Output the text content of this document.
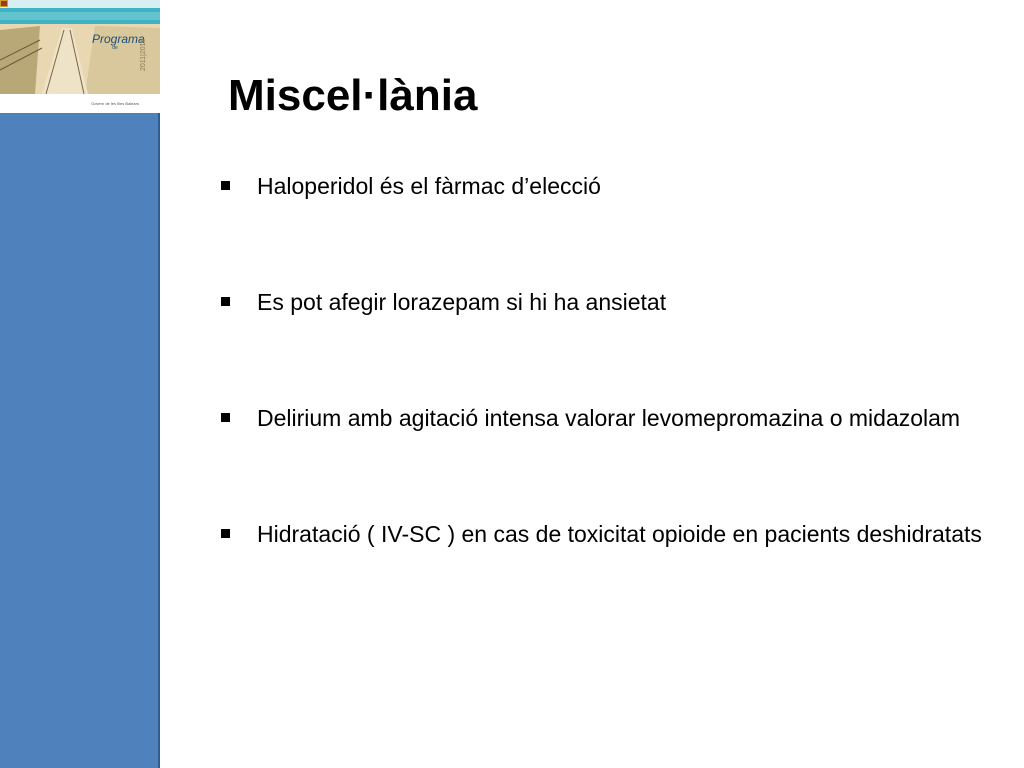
Programa
de	2011|2016
Govern de les Illes Balears Miscel·lània
Haloperidol és el fàrmac d’elecció
Es pot afegir lorazepam si hi ha ansietat
Delirium amb agitació intensa valorar levomepromazina o midazolam
Hidratació ( IV-SC ) en cas de toxicitat opioide en pacients deshidratats
